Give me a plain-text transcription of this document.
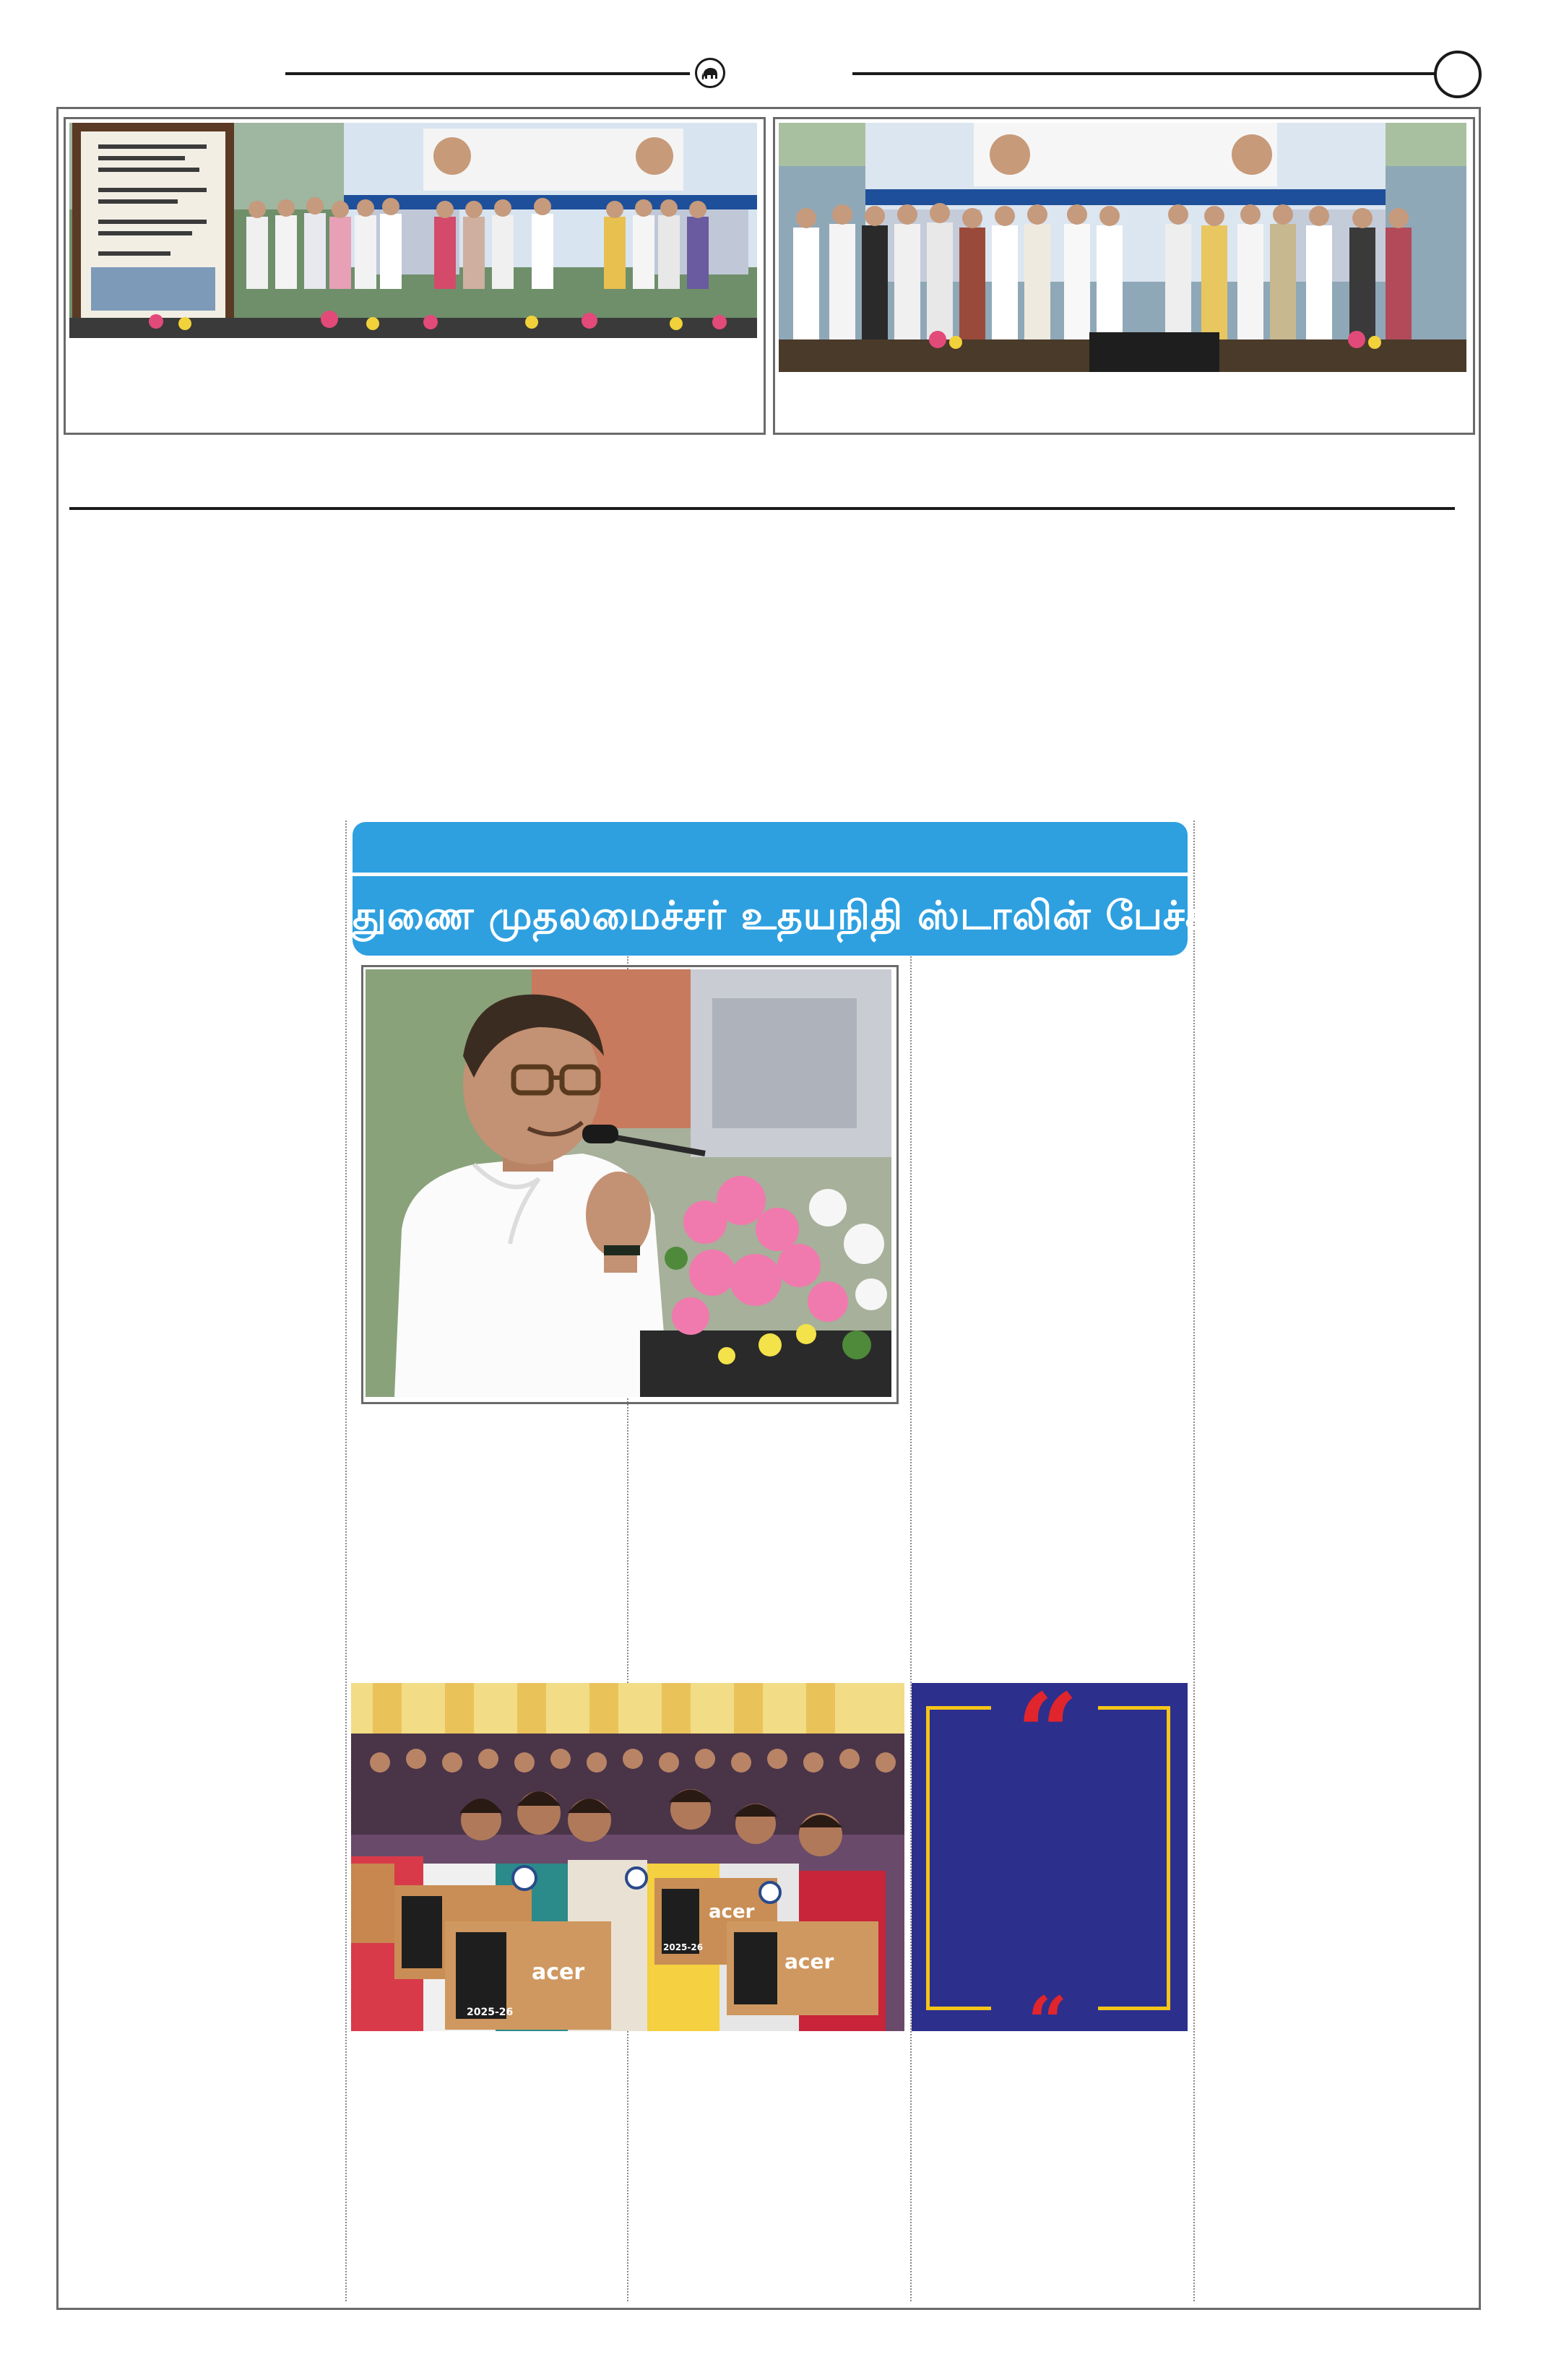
துணை முதலமைச்சர் உதயநிதி ஸ்டாலின் பேச்சு
acer
acer
acer
2025-26
2025-26
“
“
